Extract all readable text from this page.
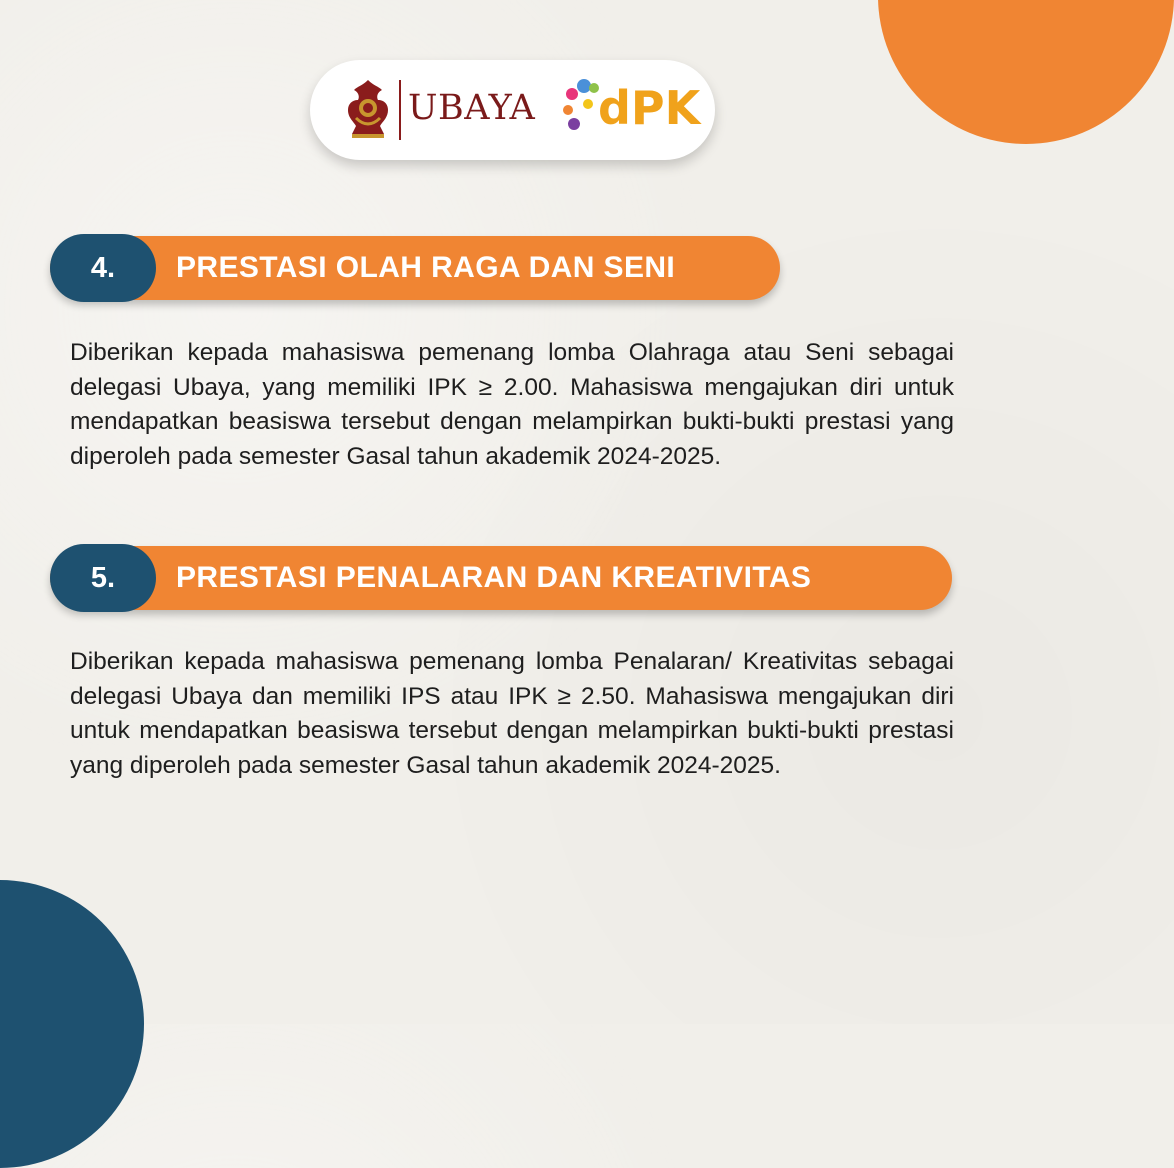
UBAYA dPK
4.	PRESTASI OLAH RAGA DAN SENI

Diberikan kepada mahasiswa pemenang lomba Olahraga atau Seni sebagai delegasi Ubaya, yang memiliki IPK ≥ 2.00. Mahasiswa mengajukan diri untuk mendapatkan beasiswa tersebut dengan melampirkan bukti-bukti prestasi yang diperoleh pada semester Gasal tahun akademik 2024-2025.

5.	PRESTASI PENALARAN DAN KREATIVITAS

Diberikan kepada mahasiswa pemenang lomba Penalaran/ Kreativitas sebagai delegasi Ubaya dan memiliki IPS atau IPK ≥ 2.50. Mahasiswa mengajukan diri untuk mendapatkan beasiswa tersebut dengan melampirkan bukti-bukti prestasi yang diperoleh pada semester Gasal tahun akademik 2024-2025.
